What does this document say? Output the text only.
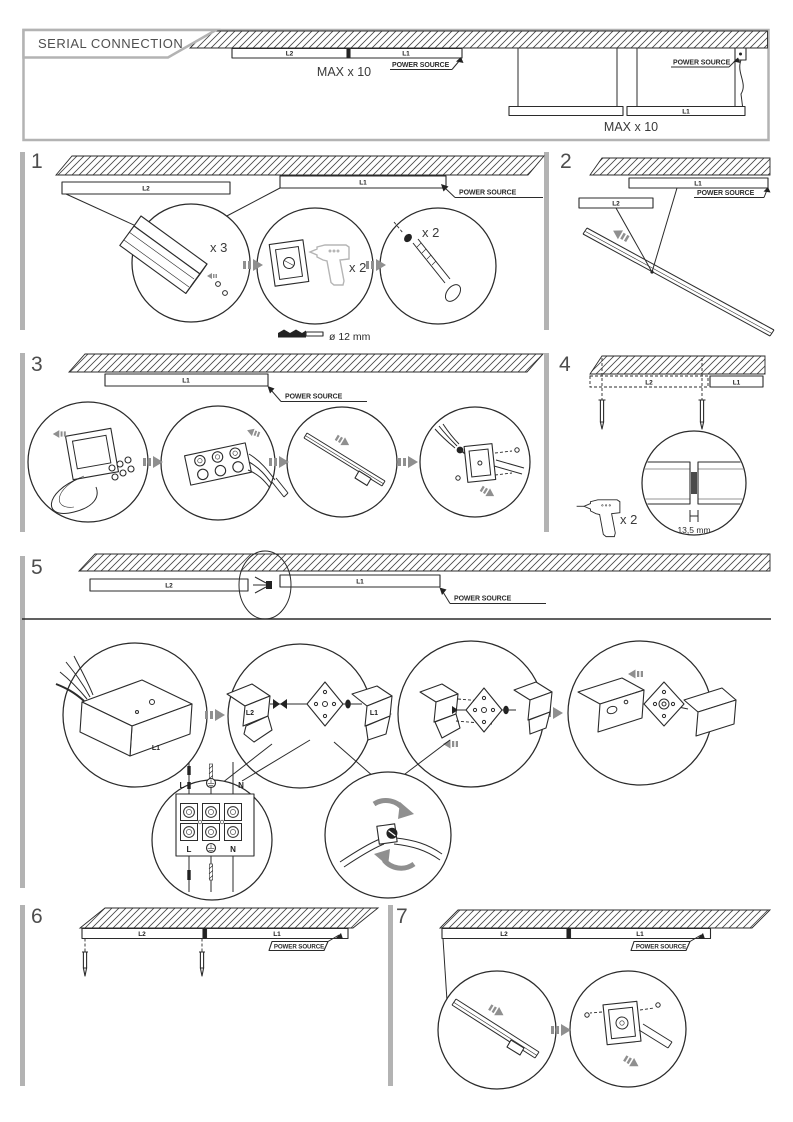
L2	L1
POWER SOURCE
MAX x 10
L1
POWER SOURCE
MAX x 10
SERIAL CONNECTION
1	2
3	4
5
6	7
L2
L1
POWER SOURCE
x 3
x 2
x 2
ø 12 mm
L1
POWER SOURCE
L2
L1
POWER SOURCE
L2	L1
x 2
13,5 mm
L2
L1
POWER SOURCE
L1
L2	L1
L	N
L	N
L2	L1
POWER SOURCE
L2	L1
POWER SOURCE
